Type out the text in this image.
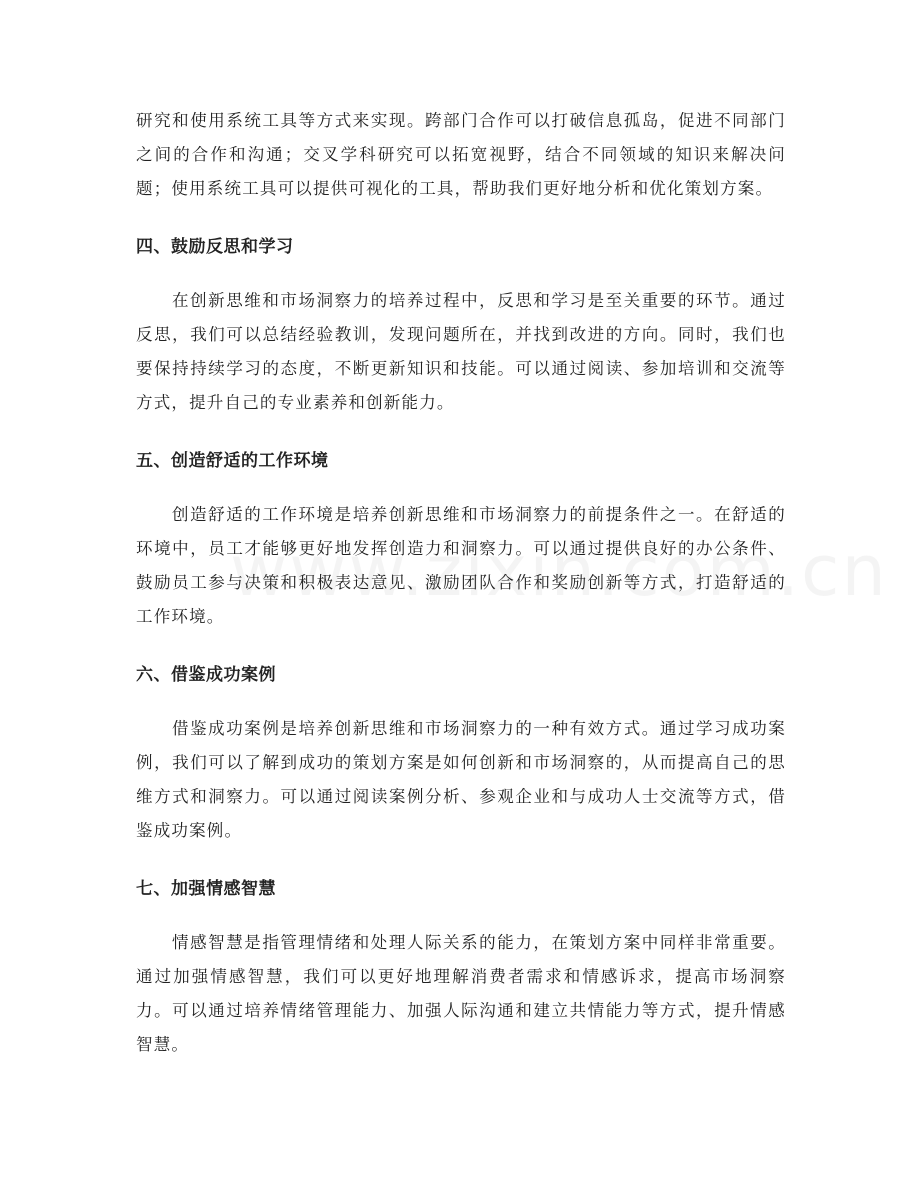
研究和使用系统工具等方式来实现。跨部门合作可以打破信息孤岛，促进不同部门之间的合作和沟通；交叉学科研究可以拓宽视野，结合不同领域的知识来解决问题；使用系统工具可以提供可视化的工具，帮助我们更好地分析和优化策划方案。

四、鼓励反思和学习

在创新思维和市场洞察力的培养过程中，反思和学习是至关重要的环节。通过反思，我们可以总结经验教训，发现问题所在，并找到改进的方向。同时，我们也要保持持续学习的态度，不断更新知识和技能。可以通过阅读、参加培训和交流等方式，提升自己的专业素养和创新能力。

五、创造舒适的工作环境

创造舒适的工作环境是培养创新思维和市场洞察力的前提条件之一。在舒适的环境中，员工才能够更好地发挥创造力和洞察力。可以通过提供良好的办公条件、鼓励员工参与决策和积极表达意见、激励团队合作和奖励创新等方式，打造舒适的工作环境。

六、借鉴成功案例

借鉴成功案例是培养创新思维和市场洞察力的一种有效方式。通过学习成功案例，我们可以了解到成功的策划方案是如何创新和市场洞察的，从而提高自己的思维方式和洞察力。可以通过阅读案例分析、参观企业和与成功人士交流等方式，借鉴成功案例。

七、加强情感智慧

情感智慧是指管理情绪和处理人际关系的能力，在策划方案中同样非常重要。通过加强情感智慧，我们可以更好地理解消费者需求和情感诉求，提高市场洞察力。可以通过培养情绪管理能力、加强人际沟通和建立共情能力等方式，提升情感智慧。
